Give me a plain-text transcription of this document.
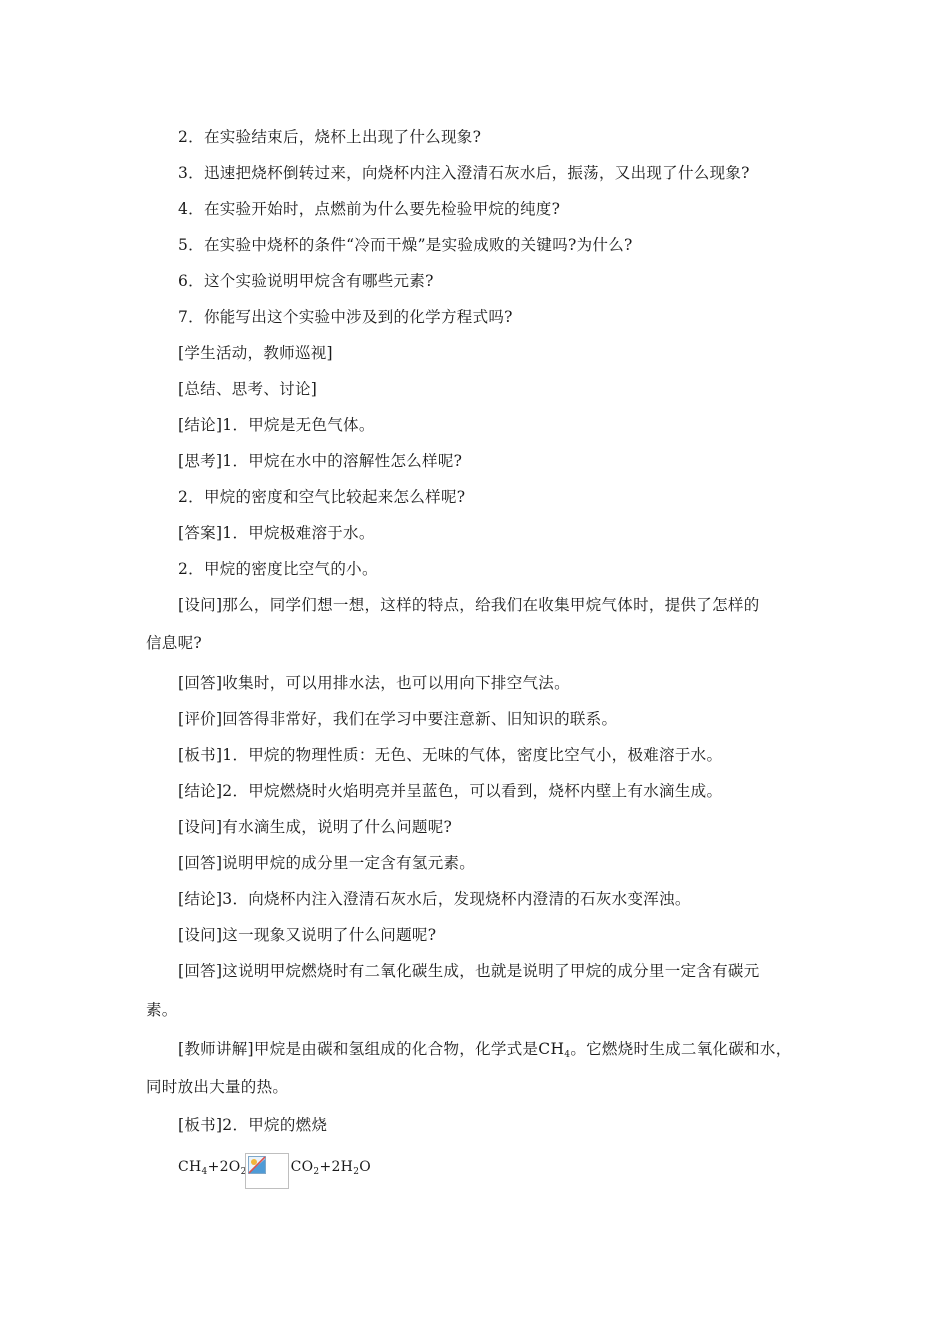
2．在实验结束后，烧杯上出现了什么现象?
3．迅速把烧杯倒转过来，向烧杯内注入澄清石灰水后，振荡，又出现了什么现象?
4．在实验开始时，点燃前为什么要先检验甲烷的纯度?
5．在实验中烧杯的条件“冷而干燥”是实验成败的关键吗?为什么?
6．这个实验说明甲烷含有哪些元素?
7．你能写出这个实验中涉及到的化学方程式吗?
[学生活动，教师巡视]
[总结、思考、讨论]
[结论]1．甲烷是无色气体。
[思考]1．甲烷在水中的溶解性怎么样呢?
2．甲烷的密度和空气比较起来怎么样呢?
[答案]1．甲烷极难溶于水。
2．甲烷的密度比空气的小。
[设问]那么，同学们想一想，这样的特点，给我们在收集甲烷气体时，提供了怎样的
信息呢?
[回答]收集时，可以用排水法，也可以用向下排空气法。
[评价]回答得非常好，我们在学习中要注意新、旧知识的联系。
[板书]1．甲烷的物理性质：无色、无味的气体，密度比空气小，极难溶于水。
[结论]2．甲烷燃烧时火焰明亮并呈蓝色，可以看到，烧杯内壁上有水滴生成。
[设问]有水滴生成，说明了什么问题呢?
[回答]说明甲烷的成分里一定含有氢元素。
[结论]3．向烧杯内注入澄清石灰水后，发现烧杯内澄清的石灰水变浑浊。
[设问]这一现象又说明了什么问题呢?
[回答]这说明甲烷燃烧时有二氧化碳生成，也就是说明了甲烷的成分里一定含有碳元
素。
[教师讲解]甲烷是由碳和氢组成的化合物，化学式是$CH_4$。它燃烧时生成二氧化碳和水，
同时放出大量的热。
[板书]2．甲烷的燃烧
$CH_4+2O_2$	$CO_2+2H_2O$
